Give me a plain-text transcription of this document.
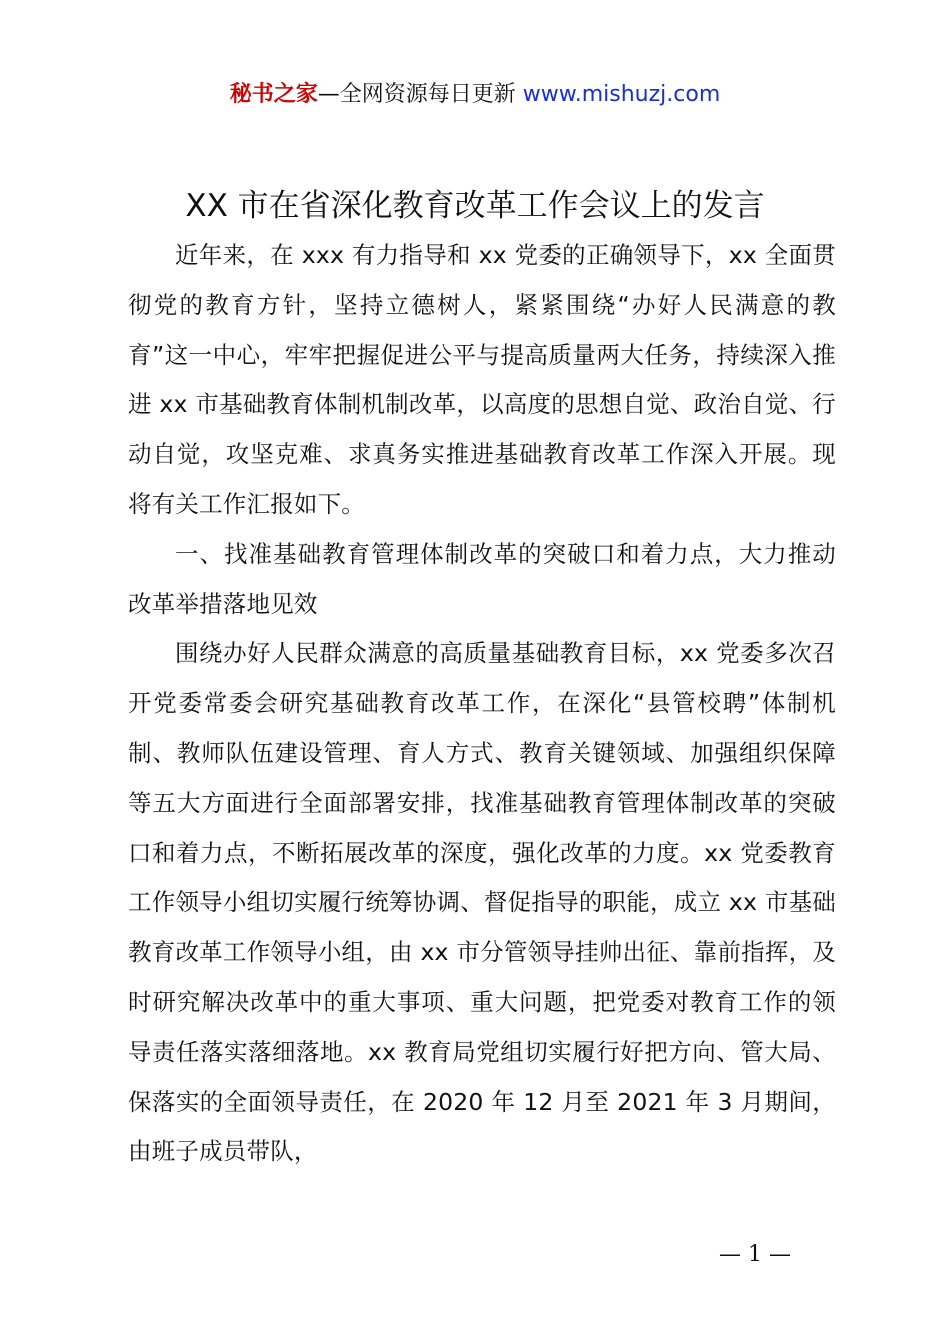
秘书之家—全网资源每日更新 www.mishuzj.com
XX 市在省深化教育改革工作会议上的发言

近年来，在 xxx 有力指导和 xx 党委的正确领导下，xx 全面贯彻党的教育方针，坚持立德树人，紧紧围绕“办好人民满意的教育”这一中心，牢牢把握促进公平与提高质量两大任务，持续深入推进 xx 市基础教育体制机制改革，以高度的思想自觉、政治自觉、行动自觉，攻坚克难、求真务实推进基础教育改革工作深入开展。现将有关工作汇报如下。

一、找准基础教育管理体制改革的突破口和着力点，大力推动改革举措落地见效

围绕办好人民群众满意的高质量基础教育目标，xx 党委多次召开党委常委会研究基础教育改革工作，在深化“县管校聘”体制机制、教师队伍建设管理、育人方式、教育关键领域、加强组织保障等五大方面进行全面部署安排，找准基础教育管理体制改革的突破口和着力点，不断拓展改革的深度，强化改革的力度。xx 党委教育工作领导小组切实履行统筹协调、督促指导的职能，成立 xx 市基础教育改革工作领导小组，由 xx 市分管领导挂帅出征、靠前指挥，及时研究解决改革中的重大事项、重大问题，把党委对教育工作的领导责任落实落细落地。xx 教育局党组切实履行好把方向、管大局、保落实的全面领导责任，在 2020 年 12 月至 2021 年 3 月期间，由班子成员带队，

— 1 —
